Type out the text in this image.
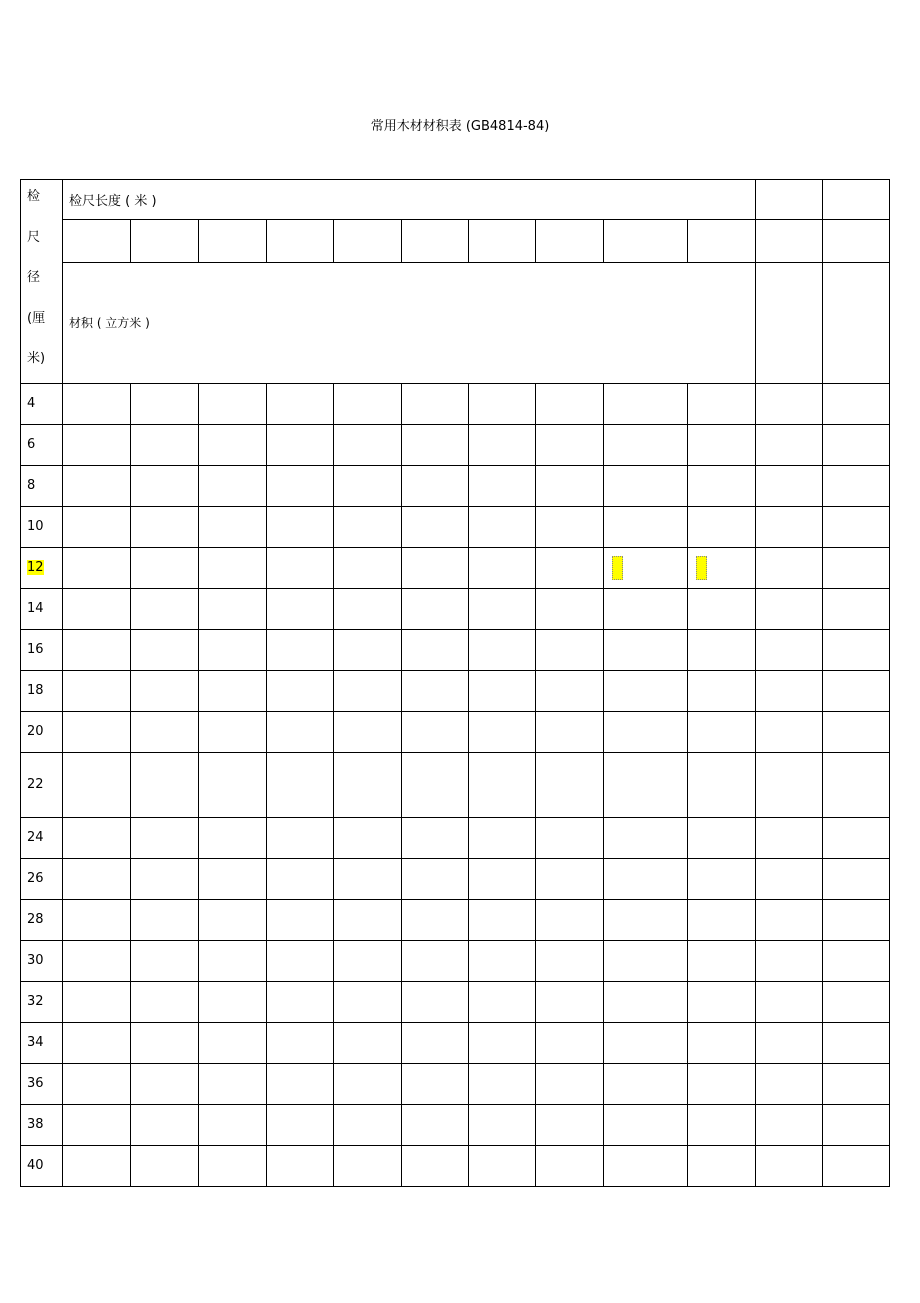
常用木材材积表 (GB4814-84)
检
尺
径
(厘
米)	检尺长度 ( 米 )											

	材积 ( 立方米 )											
4												
6												
8												
10												
12												
14												
16												
18												
20												
22												
24												
26												
28												
30												
32												
34												
36												
38												
40												
